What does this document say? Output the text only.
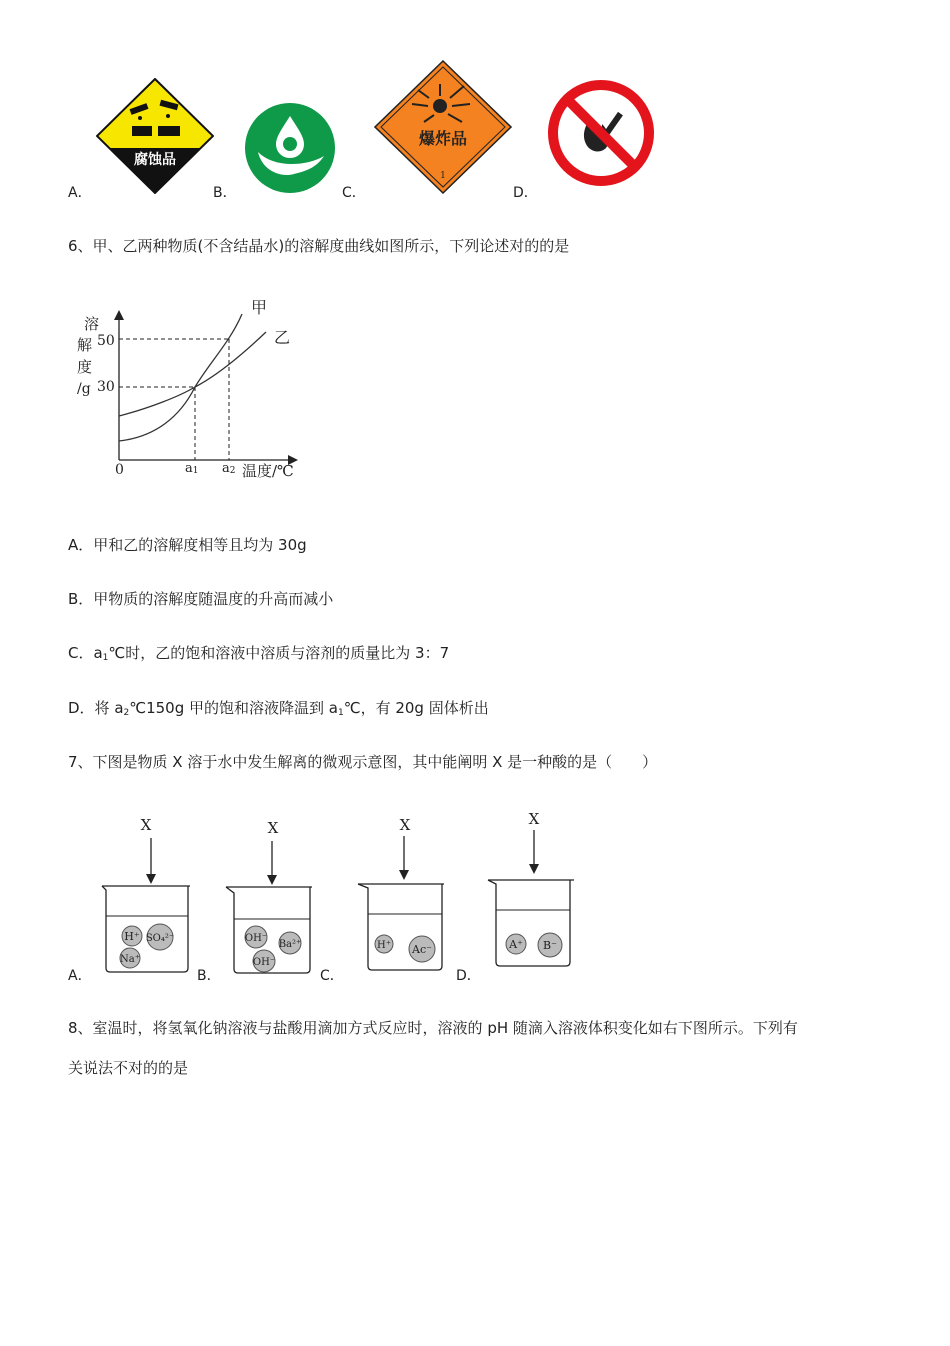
腐蚀品
A．	B．
爆炸品
1
C．	D．
6、甲、乙两种物质(不含结晶水)的溶解度曲线如图所示，下列论述对的的是
溶
解
度
/g
50
30
0	a1 a2 温度/℃
甲
乙
A．甲和乙的溶解度相等且均为 30g
B．甲物质的溶解度随温度的升高而减小
C．$a_1℃$时，乙的饱和溶液中溶质与溶剂的质量比为 3：7
D．将 $a_2℃150g$ 甲的饱和溶液降温到 $a_1℃$，有 20g 固体析出
7、下图是物质 X 溶于水中发生解离的微观示意图，其中能阐明 X 是一种酸的是（　　）
X
H⁺ SO₄²⁻
Na⁺
A．
X
OH⁻
Ba²⁺
OH⁻
B．
X
H⁺ Ac⁻
C．
X
A⁺ B⁻
D．
8、室温时，将氢氧化钠溶液与盐酸用滴加方式反应时，溶液的 pH 随滴入溶液体积变化如右下图所示。下列有
关说法不对的的是
